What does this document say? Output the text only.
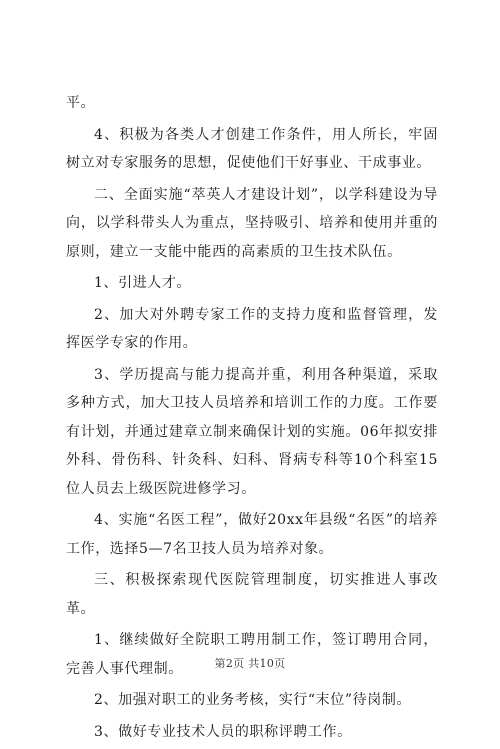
平。

4、积极为各类人才创建工作条件，用人所长，牢固树立对专家服务的思想，促使他们干好事业、干成事业。

二、全面实施“萃英人才建设计划”，以学科建设为导向，以学科带头人为重点，坚持吸引、培养和使用并重的原则，建立一支能中能西的高素质的卫生技术队伍。

1、引进人才。

2、加大对外聘专家工作的支持力度和监督管理，发挥医学专家的作用。

3、学历提高与能力提高并重，利用各种渠道，采取多种方式，加大卫技人员培养和培训工作的力度。工作要有计划，并通过建章立制来确保计划的实施。06年拟安排外科、骨伤科、针灸科、妇科、肾病专科等10个科室15位人员去上级医院进修学习。

4、实施“名医工程”，做好20xx年县级“名医”的培养工作，选择5—7名卫技人员为培养对象。

三、积极探索现代医院管理制度，切实推进人事改革。

1、继续做好全院职工聘用制工作，签订聘用合同，完善人事代理制。

2、加强对职工的业务考核，实行“末位”待岗制。

3、做好专业技术人员的职称评聘工作。

第2页 共10页
